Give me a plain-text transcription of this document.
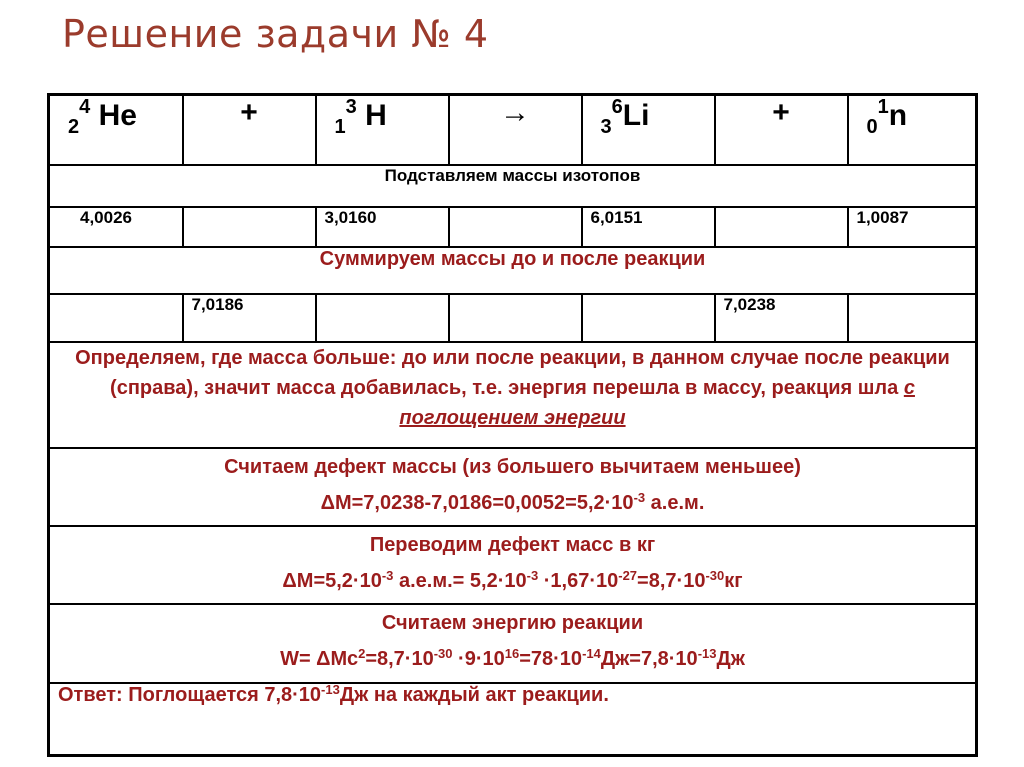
Решение задачи № 4
$_2^4$ He	+	$_1^3$ H	→	$_3^6$Li	+	$_0^1$n
Подставляем массы изотопов						
4,0026		3,0160		6,0151		1,0087
Суммируем массы до и после реакции						
	7,0186				7,0238	
Определяем, где масса больше: до или после реакции, в данном случае после реакции (справа), значит масса добавилась, т.е. энергия перешла в массу, реакция шла с поглощением энергии						

Считаем дефект массы (из большего вычитаем меньшее)
$\Delta М=7,0238-7,0186=0,0052=5,2\cdot 10^{-3}$ а.е.м.						

Переводим дефект масс в кг
$\Delta М=5,2\cdot 10^{-3}$ $а.е.м.= 5,2\cdot 10^{-3} \cdot 1,67\cdot 10^{-27}=8,7\cdot 10^{-30}кг$						

Считаем энергию реакции
$W= \Delta Мс^2=8,7\cdot 10^{-30} \cdot 9\cdot 10^{16}=78\cdot 10^{-14}Дж=7,8\cdot 10^{-13}Дж$						

Ответ: Поглощается $7,8\cdot 10^{-13}Дж$ на каждый акт реакции.						
